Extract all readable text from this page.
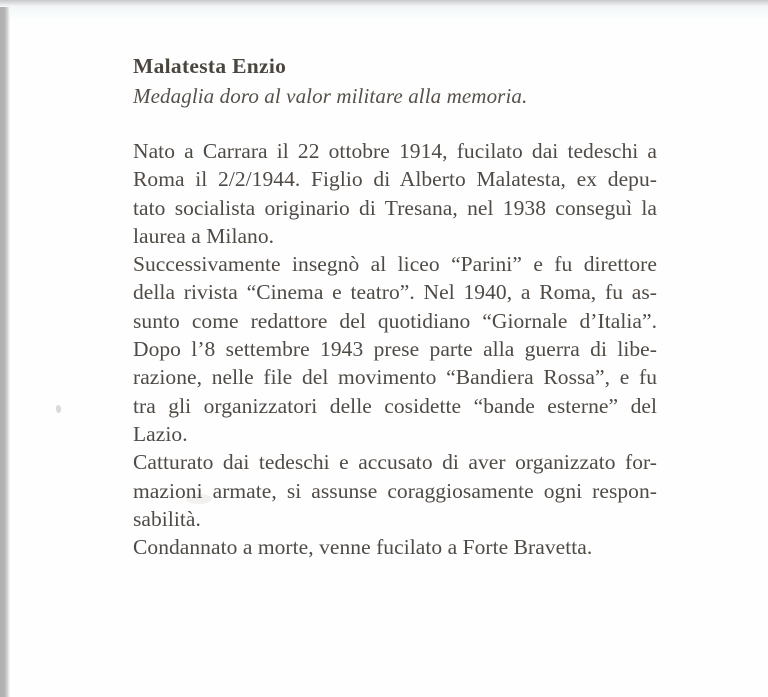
Malatesta Enzio
Medaglia doro al valor militare alla memoria.
Nato a Carrara il 22 ottobre 1914, fucilato dai tedeschi a
Roma il 2/2/1944. Figlio di Alberto Malatesta, ex depu-
tato socialista originario di Tresana, nel 1938 conseguì la
laurea a Milano.
Successivamente insegnò al liceo “Parini” e fu direttore
della rivista “Cinema e teatro”. Nel 1940, a Roma, fu as-
sunto come redattore del quotidiano “Giornale d’Italia”.
Dopo l’8 settembre 1943 prese parte alla guerra di libe-
razione, nelle file del movimento “Bandiera Rossa”, e fu
tra gli organizzatori delle cosidette “bande esterne” del
Lazio.
Catturato dai tedeschi e accusato di aver organizzato for-
mazioni armate, si assunse coraggiosamente ogni respon-
sabilità.
Condannato a morte, venne fucilato a Forte Bravetta.
